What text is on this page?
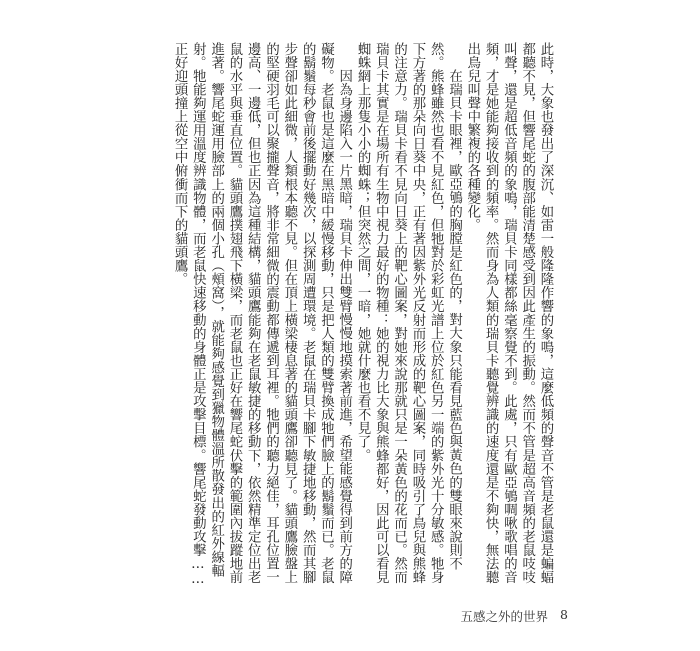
此時，大象也發出了深沉、如雷一般隆隆作響的象鳴，這麼低頻的聲音不管是老鼠還是蝙蝠都聽不見，但響尾蛇的腹部能清楚感受到因此產生的振動。然而不管是超高音頻的老鼠吱吱叫聲，還是超低音頻的象鳴，瑞貝卡同樣都絲毫察覺不到。此處，只有歐亞鴝啁啾歌唱的音頻，才是她能夠接收到的頻率。然而身為人類的瑞貝卡聽覺辨識的速度還是不夠快，無法聽出鳥兒叫聲中繁複的各種變化。

在瑞貝卡眼裡，歐亞鴝的胸膛是紅色的，對大象只能看見藍色與黃色的雙眼來說則不然。熊蜂雖然也看不見紅色，但牠對於彩虹光譜上位於紅色另一端的紫外光十分敏感。牠身下方著的那朵向日葵中央，正有著因紫外光反射而形成的靶心圖案，同時吸引了鳥兒與熊蜂的注意力。瑞貝卡看不見向日葵上的靶心圖案，對她來說那就只是一朵黃色的花而已。然而瑞貝卡其實是在場所有生物中視力最好的物種：她的視力比大象與熊蜂都好，因此可以看見蜘蛛網上那隻小小的蜘蛛；但突然之間，一暗，她就什麼也看不見了。

因為身邊陷入一片黑暗，瑞貝卡伸出雙臂慢慢地摸索著前進，希望能感覺得到前方的障礙物。老鼠也是這麼在黑暗中緩慢移動，只是把人類的雙臂換成牠們臉上的鬍鬚而已。老鼠的鬍鬚每秒會前後擺動好幾次，以探測周遭環境。老鼠在瑞貝卡腳下敏捷地移動，然而其腳步聲卻如此細微，人類根本聽不見。但在頂上橫梁棲息著的貓頭鷹卻聽見了。貓頭鷹臉盤上的堅硬羽毛可以聚攏聲音，將非常細微的震動都傳遞到耳裡。牠們的聽力絕佳，耳孔位置一邊高、一邊低，但也正因為這種結構，貓頭鷹能夠在老鼠敏捷的移動下，依然精準定位出老鼠的水平與垂直位置。貓頭鷹撲翅飛下橫梁，而老鼠也正好在響尾蛇伏擊的範圍內拔蹤地前進著。響尾蛇運用臉部上的兩個小孔（頰窩），就能夠感覺到獵物體溫所散發出的紅外線輻射。牠能夠運用溫度辨識物體，而老鼠快速移動的身體正是攻擊目標。響尾蛇發動攻擊……正好迎頭撞上從空中俯衝而下的貓頭鷹。

五感之外的世界 8
